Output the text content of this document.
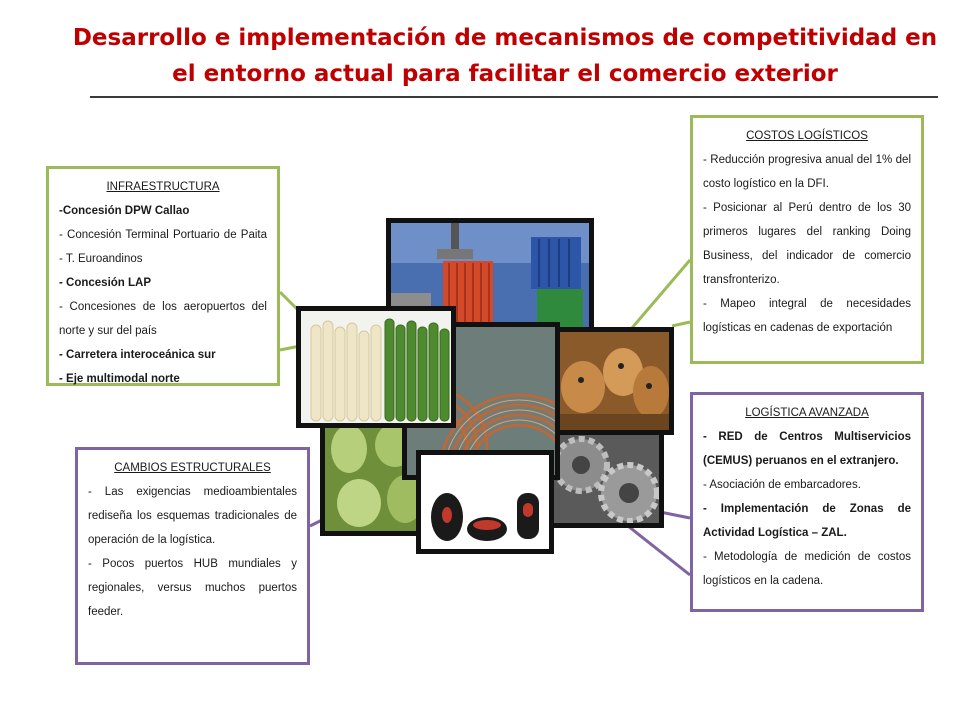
Desarrollo e implementación de mecanismos de competitividad en
el entorno actual para facilitar el comercio exterior
INFRAESTRUCTURA

-Concesión DPW Callao

- Concesión Terminal Portuario de Paita - T. Euroandinos

- Concesión LAP

- Concesiones de los aeropuertos del norte y sur del país

- Carretera interoceánica sur

- Eje multimodal norte

COSTOS LOGÍSTICOS

- Reducción progresiva anual del 1% del costo logístico en la DFI.

- Posicionar al Perú dentro de los 30 primeros lugares del ranking Doing Business, del indicador de comercio transfronterizo.

- Mapeo integral de necesidades logísticas en cadenas de exportación

LOGÍSTICA AVANZADA

- RED de Centros Multiservicios (CEMUS) peruanos en el extranjero.

- Asociación de embarcadores.

- Implementación de Zonas de Actividad Logística – ZAL.

- Metodología de medición de costos logísticos en la cadena.

CAMBIOS ESTRUCTURALES

- Las exigencias medioambientales rediseña los esquemas tradicionales de operación de la logística.

- Pocos puertos HUB mundiales y regionales, versus muchos puertos feeder.
